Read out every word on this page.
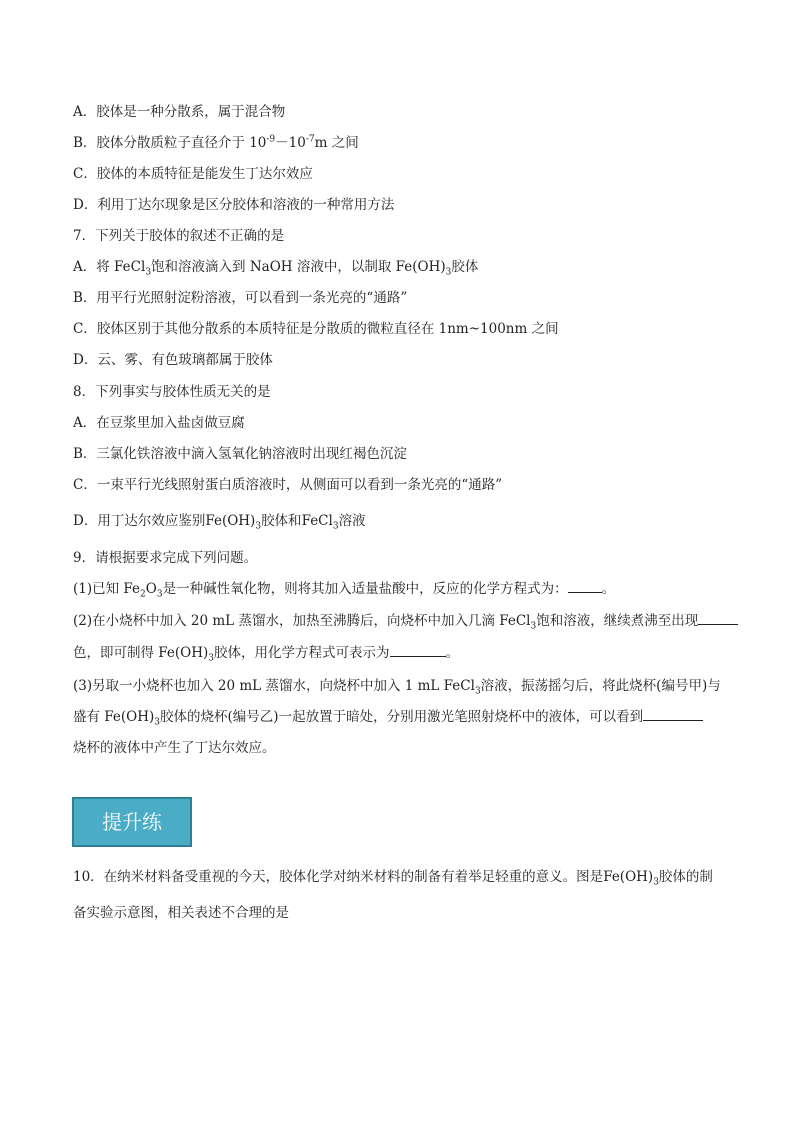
A．胶体是一种分散系，属于混合物
B．胶体分散质粒子直径介于 $10^{-9}-10^{-7}m$ 之间
C．胶体的本质特征是能发生丁达尔效应
D．利用丁达尔现象是区分胶体和溶液的一种常用方法
7．下列关于胶体的叙述不正确的是
A．将 FeCl$_3$饱和溶液滴入到 NaOH 溶液中，以制取 $Fe(OH)_3$胶体
B．用平行光照射淀粉溶液，可以看到一条光亮的“通路”
C．胶体区别于其他分散系的本质特征是分散质的微粒直径在 1nm~100nm 之间
D．云、雾、有色玻璃都属于胶体
8．下列事实与胶体性质无关的是
A．在豆浆里加入盐卤做豆腐
B．三氯化铁溶液中滴入氢氧化钠溶液时出现红褐色沉淀
C．一束平行光线照射蛋白质溶液时，从侧面可以看到一条光亮的“通路”
D．用丁达尔效应鉴别$Fe(OH)_3$胶体和FeCl$_3$溶液
9．请根据要求完成下列问题。
(1)已知 $Fe_2O_3$是一种碱性氧化物，则将其加入适量盐酸中，反应的化学方程式为：	。
(2)在小烧杯中加入 20 mL 蒸馏水，加热至沸腾后，向烧杯中加入几滴 FeCl$_3$饱和溶液，继续煮沸至出现
色，即可制得 $Fe(OH)_3$胶体，用化学方程式可表示为	。
(3)另取一小烧杯也加入 20 mL 蒸馏水，向烧杯中加入 1 mL FeCl$_3$溶液，振荡摇匀后，将此烧杯(编号甲)与
盛有 $Fe(OH)_3$胶体的烧杯(编号乙)一起放置于暗处，分别用激光笔照射烧杯中的液体，可以看到
烧杯的液体中产生了丁达尔效应。
提升练
10．在纳米材料备受重视的今天，胶体化学对纳米材料的制备有着举足轻重的意义。图是$Fe(OH)_3$胶体的制
备实验示意图，相关表述不合理的是
